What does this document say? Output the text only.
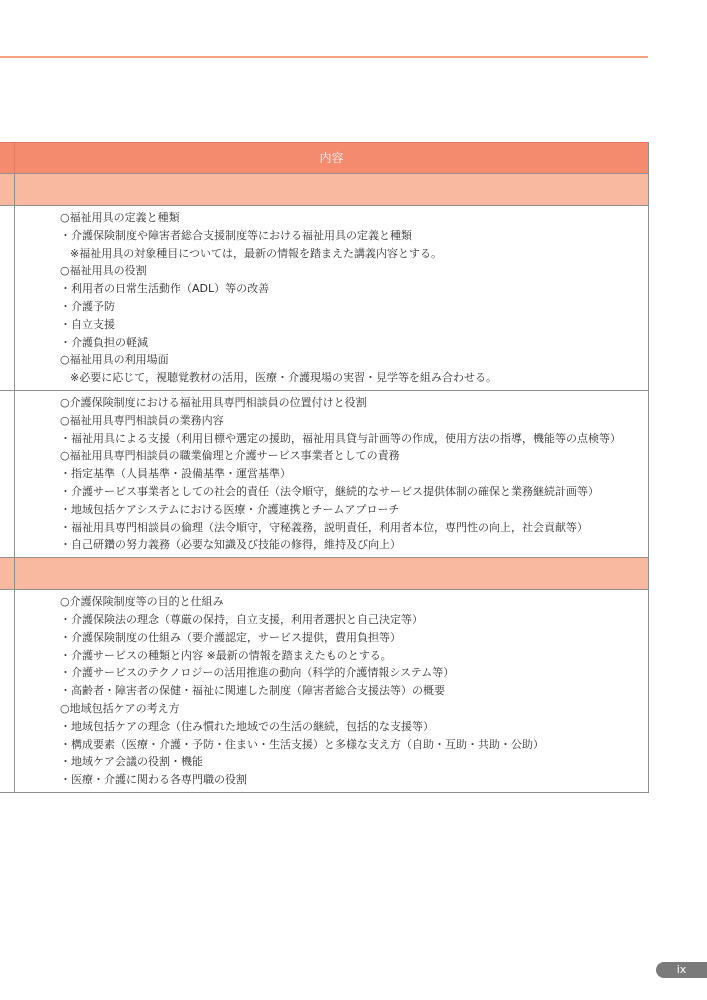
内容
○福祉用具の定義と種類
・介護保険制度や障害者総合支援制度等における福祉用具の定義と種類
※福祉用具の対象種目については，最新の情報を踏まえた講義内容とする。
○福祉用具の役割
・利用者の日常生活動作（ADL）等の改善
・介護予防
・自立支援
・介護負担の軽減
○福祉用具の利用場面
※必要に応じて，視聴覚教材の活用，医療・介護現場の実習・見学等を組み合わせる。
○介護保険制度における福祉用具専門相談員の位置付けと役割
○福祉用具専門相談員の業務内容
・福祉用具による支援（利用目標や選定の援助，福祉用具貸与計画等の作成，使用方法の指導，機能等の点検等）
○福祉用具専門相談員の職業倫理と介護サービス事業者としての責務
・指定基準（人員基準・設備基準・運営基準）
・介護サービス事業者としての社会的責任（法令順守，継続的なサービス提供体制の確保と業務継続計画等）
・地域包括ケアシステムにおける医療・介護連携とチームアプローチ
・福祉用具専門相談員の倫理（法令順守，守秘義務，説明責任，利用者本位，専門性の向上，社会貢献等）
・自己研鑽の努力義務（必要な知識及び技能の修得，維持及び向上）
○介護保険制度等の目的と仕組み
・介護保険法の理念（尊厳の保持，自立支援，利用者選択と自己決定等）
・介護保険制度の仕組み（要介護認定，サービス提供，費用負担等）
・介護サービスの種類と内容 ※最新の情報を踏まえたものとする。
・介護サービスのテクノロジーの活用推進の動向（科学的介護情報システム等）
・高齢者・障害者の保健・福祉に関連した制度（障害者総合支援法等）の概要
○地域包括ケアの考え方
・地域包括ケアの理念（住み慣れた地域での生活の継続，包括的な支援等）
・構成要素（医療・介護・予防・住まい・生活支援）と多様な支え方（自助・互助・共助・公助）
・地域ケア会議の役割・機能
・医療・介護に関わる各専門職の役割
ix
